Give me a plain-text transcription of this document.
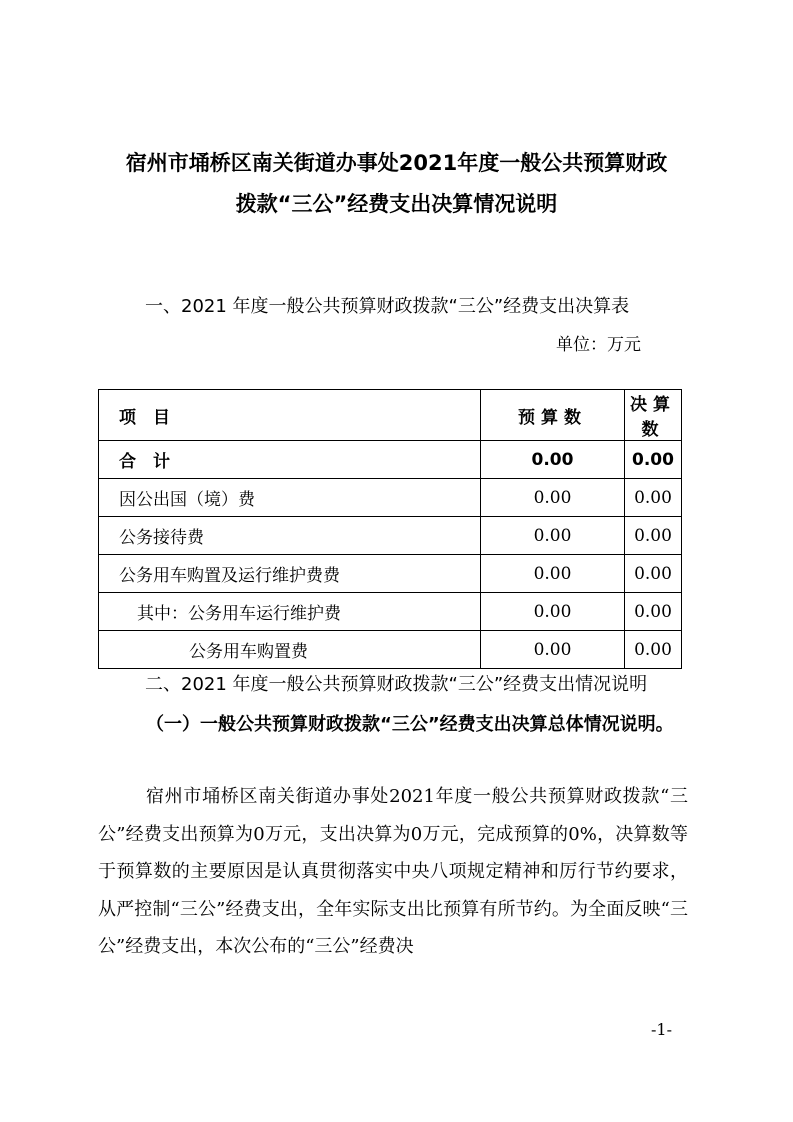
宿州市埇桥区南关街道办事处2021年度一般公共预算财政
拨款“三公”经费支出决算情况说明
一、2021 年度一般公共预算财政拨款“三公”经费支出决算表
单位：万元
项　目	预算数	决算数
合　计	0.00	0.00
因公出国（境）费	0.00	0.00
公务接待费	0.00	0.00
公务用车购置及运行维护费费	0.00	0.00
其中：公务用车运行维护费	0.00	0.00
公务用车购置费	0.00	0.00
二、2021 年度一般公共预算财政拨款“三公”经费支出情况说明
（一）一般公共预算财政拨款“三公”经费支出决算总体情况说明。
宿州市埇桥区南关街道办事处2021年度一般公共预算财政拨款“三公”经费支出预算为0万元，支出决算为0万元，完成预算的0%，决算数等于预算数的主要原因是认真贯彻落实中央八项规定精神和厉行节约要求，从严控制“三公”经费支出，全年实际支出比预算有所节约。为全面反映“三公”经费支出，本次公布的“三公”经费决
-1-
